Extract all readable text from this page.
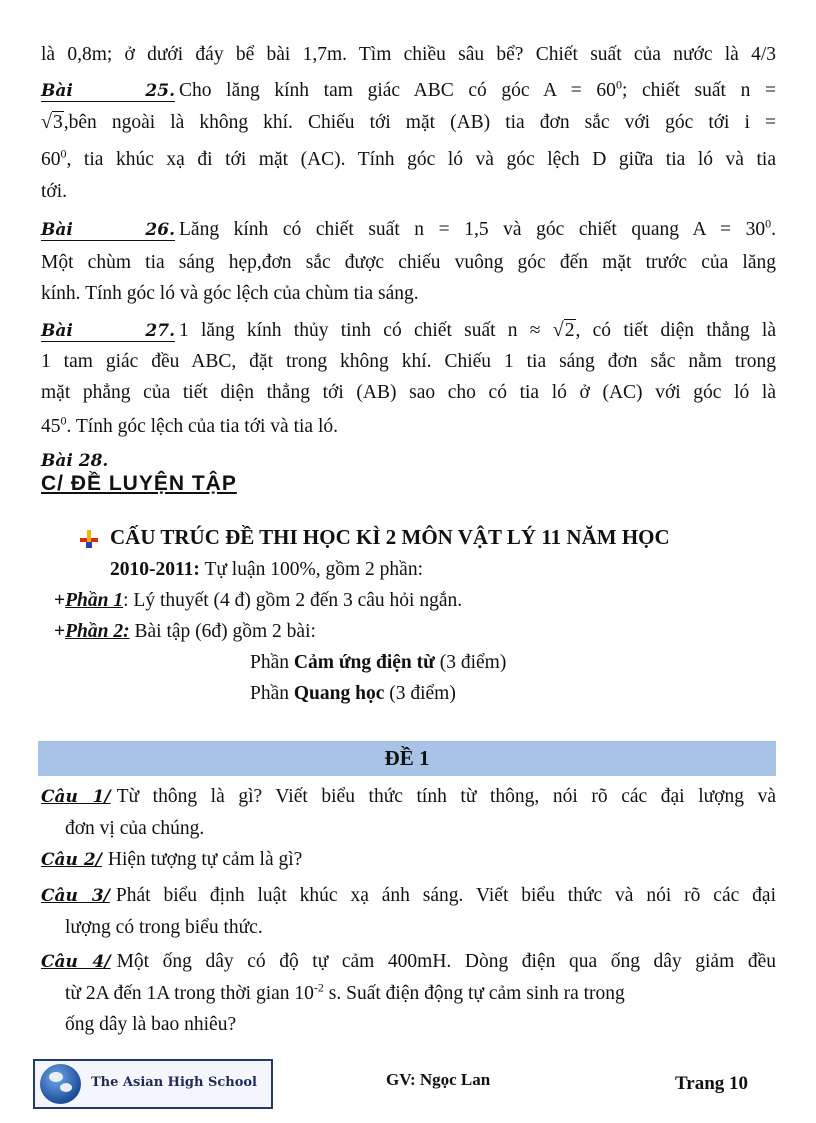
là 0,8m; ở dưới đáy bể bài 1,7m. Tìm chiều sâu bể? Chiết suất của nước là 4/3
Bài 25. Cho lăng kính tam giác ABC có góc $A = 60^0$; chiết suất n =
√3,bên ngoài là không khí. Chiếu tới mặt (AB) tia đơn sắc với góc tới i =
$60^0$, tia khúc xạ đi tới mặt (AC). Tính góc ló và góc lệch D giữa tia ló và tia
tới.
Bài 26. Lăng kính có chiết suất n = 1,5 và góc chiết quang $A = 30^0$.
Một chùm tia sáng hẹp,đơn sắc được chiếu vuông góc đến mặt trước của lăng
kính. Tính góc ló và góc lệch của chùm tia sáng.
Bài 27. 1 lăng kính thủy tinh có chiết suất n ≈ √2, có tiết diện thẳng là
1 tam giác đều ABC, đặt trong không khí. Chiếu 1 tia sáng đơn sắc nằm trong
mặt phẳng của tiết diện thẳng tới (AB) sao cho có tia ló ở (AC) với góc ló là
$45^0$. Tính góc lệch của tia tới và tia ló.
Bài 28.
C/ ĐỀ LUYỆN TẬP
CẤU TRÚC ĐỀ THI HỌC KÌ 2 MÔN VẬT LÝ 11 NĂM HỌC
2010-2011: Tự luận 100%, gồm 2 phần:
+Phần 1: Lý thuyết (4 đ) gồm 2 đến 3 câu hỏi ngắn.
+Phần 2: Bài tập (6đ) gồm 2 bài:
Phần Cảm ứng điện từ (3 điểm)
Phần Quang học (3 điểm)
ĐỀ 1
Câu 1/ Từ thông là gì? Viết biểu thức tính từ thông, nói rõ các đại lượng và
đơn vị của chúng.
Câu 2/ Hiện tượng tự cảm là gì?
Câu 3/ Phát biểu định luật khúc xạ ánh sáng. Viết biểu thức và nói rõ các đại
lượng có trong biểu thức.
Câu 4/ Một ống dây có độ tự cảm 400mH. Dòng điện qua ống dây giảm đều
từ 2A đến 1A trong thời gian $10^{-2}$ s. Suất điện động tự cảm sinh ra trong
ống dây là bao nhiêu?
The Asian High School	GV: Ngọc Lan	Trang 10
